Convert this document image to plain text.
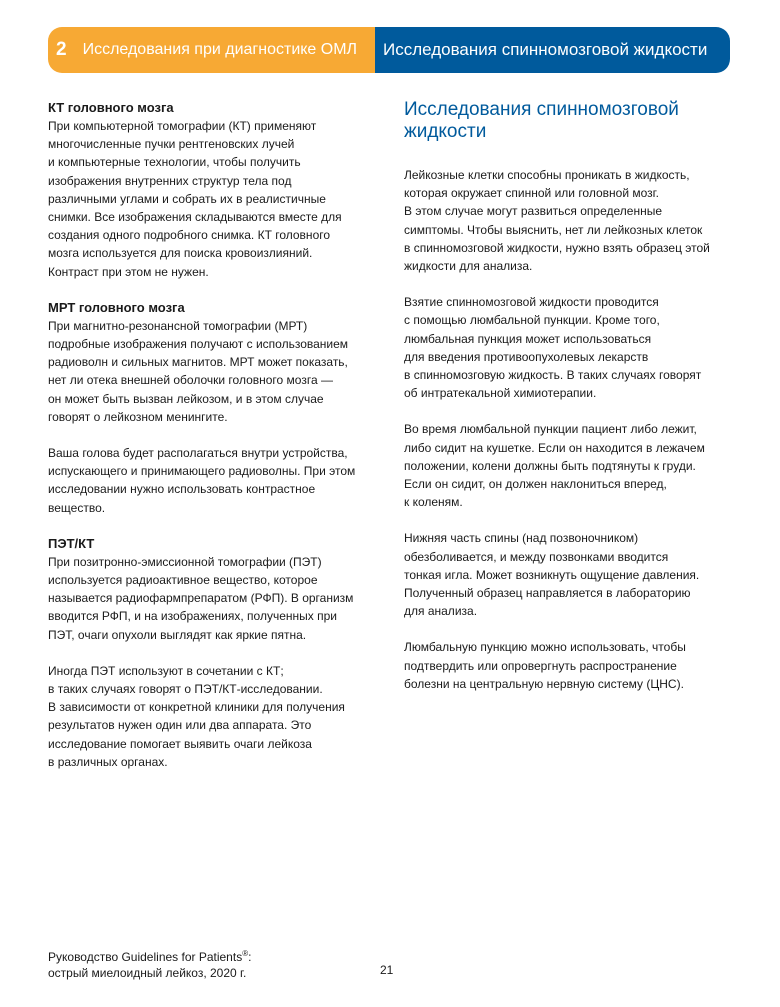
2 Исследования при диагностике ОМЛ	Исследования спинномозговой жидкости
КТ головного мозга

При компьютерной томографии (КТ) применяют
многочисленные пучки рентгеновских лучей
и компьютерные технологии, чтобы получить
изображения внутренних структур тела под
различными углами и собрать их в реалистичные
снимки. Все изображения складываются вместе для
создания одного подробного снимка. КТ головного
мозга используется для поиска кровоизлияний.
Контраст при этом не нужен.

МРТ головного мозга

При магнитно-резонансной томографии (МРТ)
подробные изображения получают с использованием
радиоволн и сильных магнитов. МРТ может показать,
нет ли отека внешней оболочки головного мозга —
он может быть вызван лейкозом, и в этом случае
говорят о лейкозном менингите.

Ваша голова будет располагаться внутри устройства,
испускающего и принимающего радиоволны. При этом
исследовании нужно использовать контрастное
вещество.

ПЭТ/КТ

При позитронно-эмиссионной томографии (ПЭТ)
используется радиоактивное вещество, которое
называется радиофармпрепаратом (РФП). В организм
вводится РФП, и на изображениях, полученных при
ПЭТ, очаги опухоли выглядят как яркие пятна.

Иногда ПЭТ используют в сочетании с КТ;
в таких случаях говорят о ПЭТ/КТ-исследовании.
В зависимости от конкретной клиники для получения
результатов нужен один или два аппарата. Это
исследование помогает выявить очаги лейкоза
в различных органах.

Исследования спинномозговой
жидкости

Лейкозные клетки способны проникать в жидкость,
которая окружает спинной или головной мозг.
В этом случае могут развиться определенные
симптомы. Чтобы выяснить, нет ли лейкозных клеток
в спинномозговой жидкости, нужно взять образец этой
жидкости для анализа.

Взятие спинномозговой жидкости проводится
с помощью люмбальной пункции. Кроме того,
люмбальная пункция может использоваться
для введения противоопухолевых лекарств
в спинномозговую жидкость. В таких случаях говорят
об интратекальной химиотерапии.

Во время люмбальной пункции пациент либо лежит,
либо сидит на кушетке. Если он находится в лежачем
положении, колени должны быть подтянуты к груди.
Если он сидит, он должен наклониться вперед,
к коленям.

Нижняя часть спины (над позвоночником)
обезболивается, и между позвонками вводится
тонкая игла. Может возникнуть ощущение давления.
Полученный образец направляется в лабораторию
для анализа.

Люмбальную пункцию можно использовать, чтобы
подтвердить или опровергнуть распространение
болезни на центральную нервную систему (ЦНС).

Руководство Guidelines for Patients®:
острый миелоидный лейкоз, 2020 г.	21
